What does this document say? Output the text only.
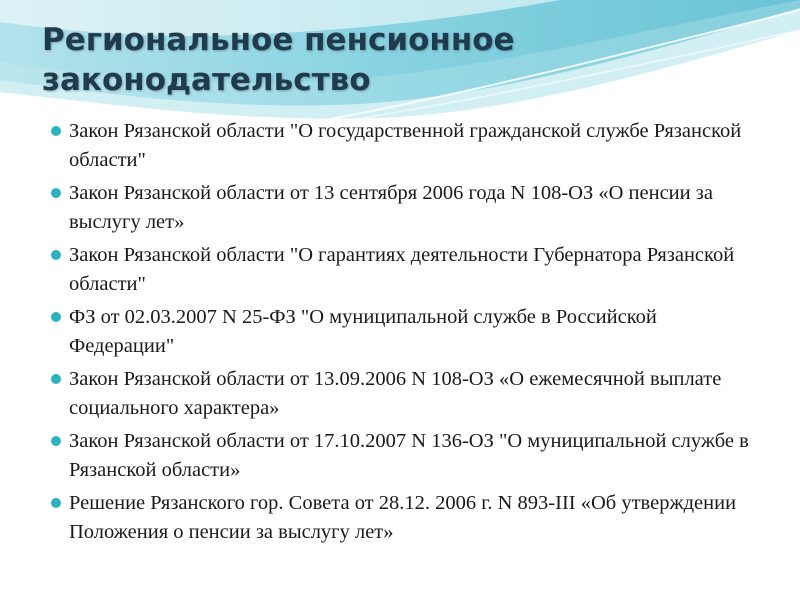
Региональное пенсионное законодательство
Закон Рязанской области "О государственной гражданской службе Рязанской области"
Закон Рязанской области от 13 сентября 2006 года N 108-ОЗ «О пенсии за выслугу лет»
Закон Рязанской области "О гарантиях деятельности Губернатора Рязанской области"
ФЗ от 02.03.2007 N 25-ФЗ "О муниципальной службе в Российской Федерации"
Закон Рязанской области от 13.09.2006 N 108-ОЗ «О ежемесячной выплате социального характера»
Закон Рязанской области от 17.10.2007 N 136-ОЗ "О муниципальной службе в Рязанской области»
Решение Рязанского гор. Совета от 28.12. 2006 г. N 893-III «Об утверждении Положения о пенсии за выслугу лет»
